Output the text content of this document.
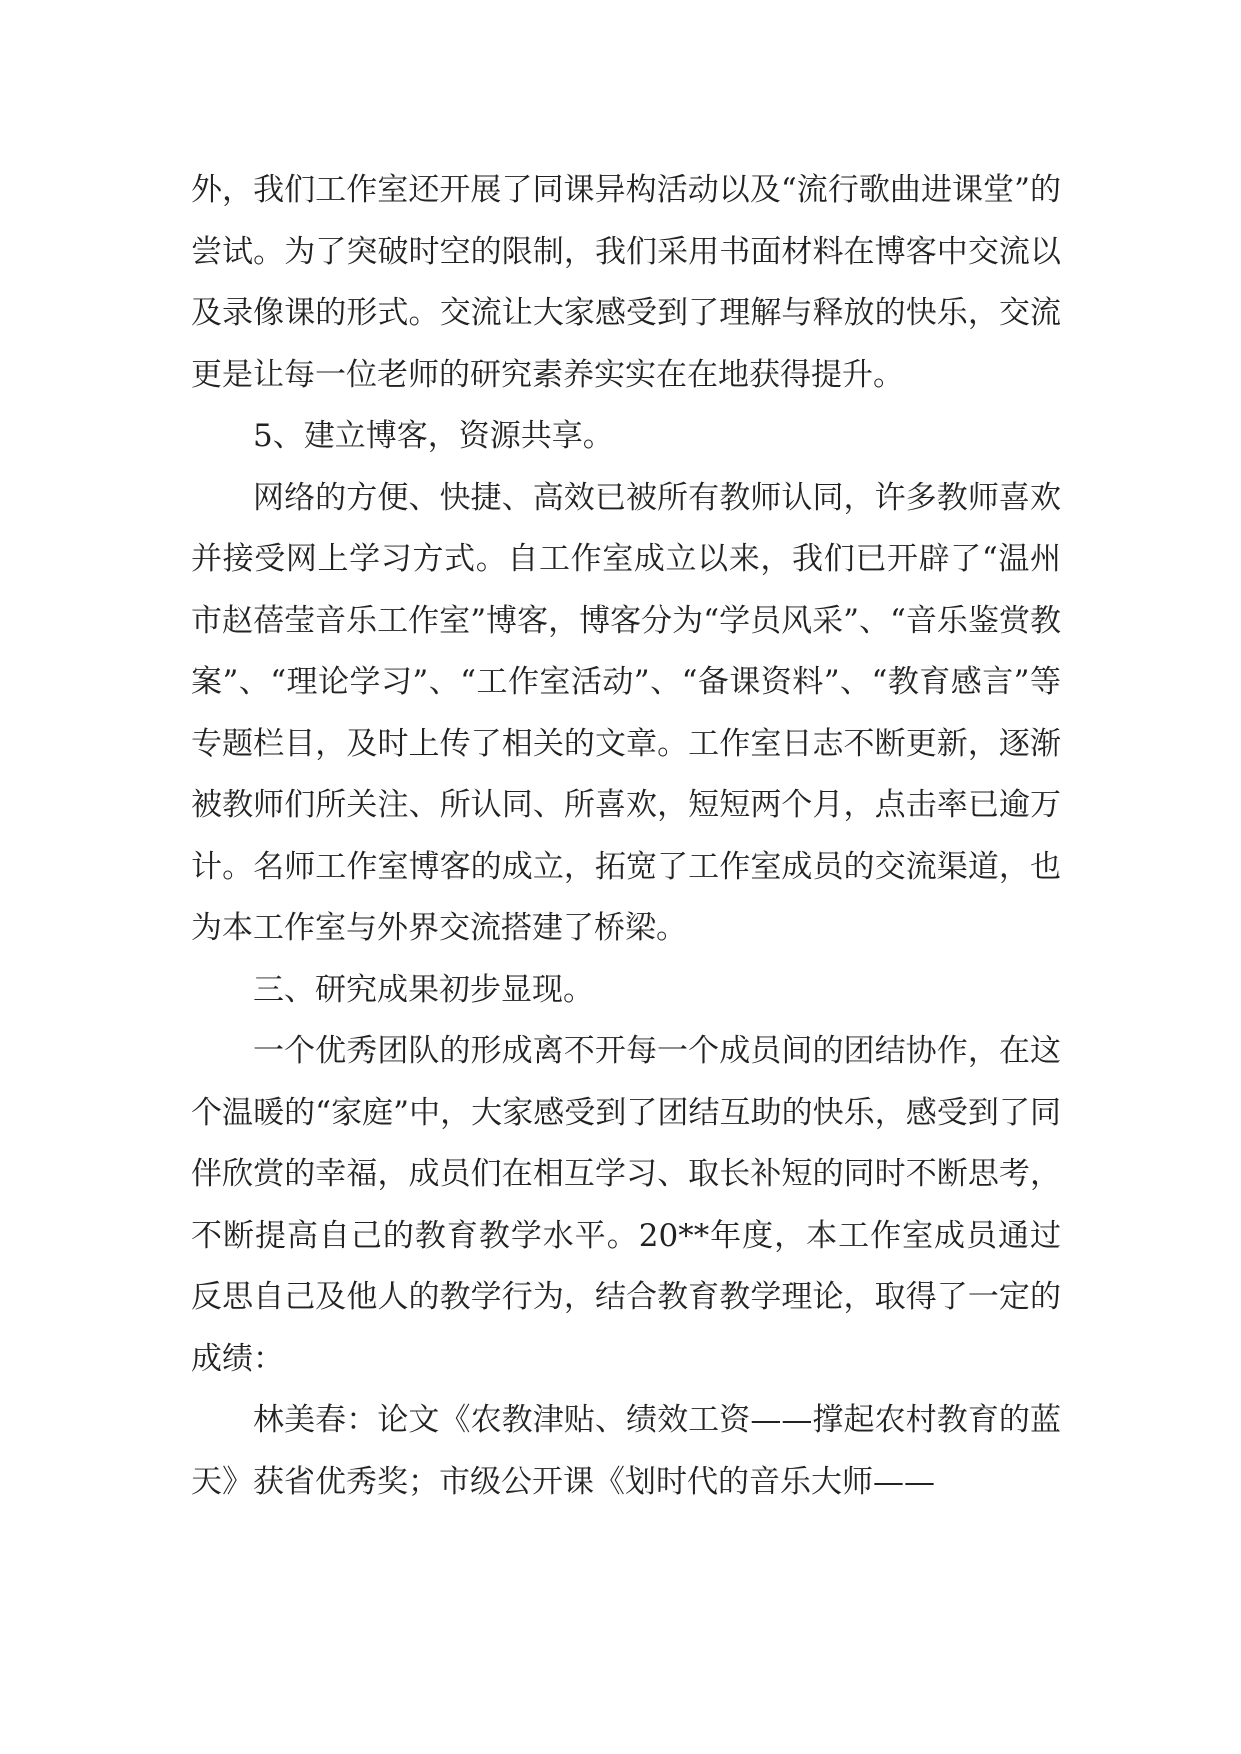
外，我们工作室还开展了同课异构活动以及“流行歌曲进课堂”的尝试。为了突破时空的限制，我们采用书面材料在博客中交流以及录像课的形式。交流让大家感受到了理解与释放的快乐，交流更是让每一位老师的研究素养实实在在地获得提升。

5、建立博客，资源共享。

网络的方便、快捷、高效已被所有教师认同，许多教师喜欢并接受网上学习方式。自工作室成立以来，我们已开辟了“温州市赵蓓莹音乐工作室”博客，博客分为“学员风采”、“音乐鉴赏教案”、“理论学习”、“工作室活动”、“备课资料”、“教育感言”等专题栏目，及时上传了相关的文章。工作室日志不断更新，逐渐被教师们所关注、所认同、所喜欢，短短两个月，点击率已逾万计。名师工作室博客的成立，拓宽了工作室成员的交流渠道，也为本工作室与外界交流搭建了桥梁。

三、研究成果初步显现。

一个优秀团队的形成离不开每一个成员间的团结协作，在这个温暖的“家庭”中，大家感受到了团结互助的快乐，感受到了同伴欣赏的幸福，成员们在相互学习、取长补短的同时不断思考，不断提高自己的教育教学水平。20**年度，本工作室成员通过反思自己及他人的教学行为，结合教育教学理论，取得了一定的成绩：

林美春：论文《农教津贴、绩效工资——撑起农村教育的蓝天》获省优秀奖；市级公开课《划时代的音乐大师——
